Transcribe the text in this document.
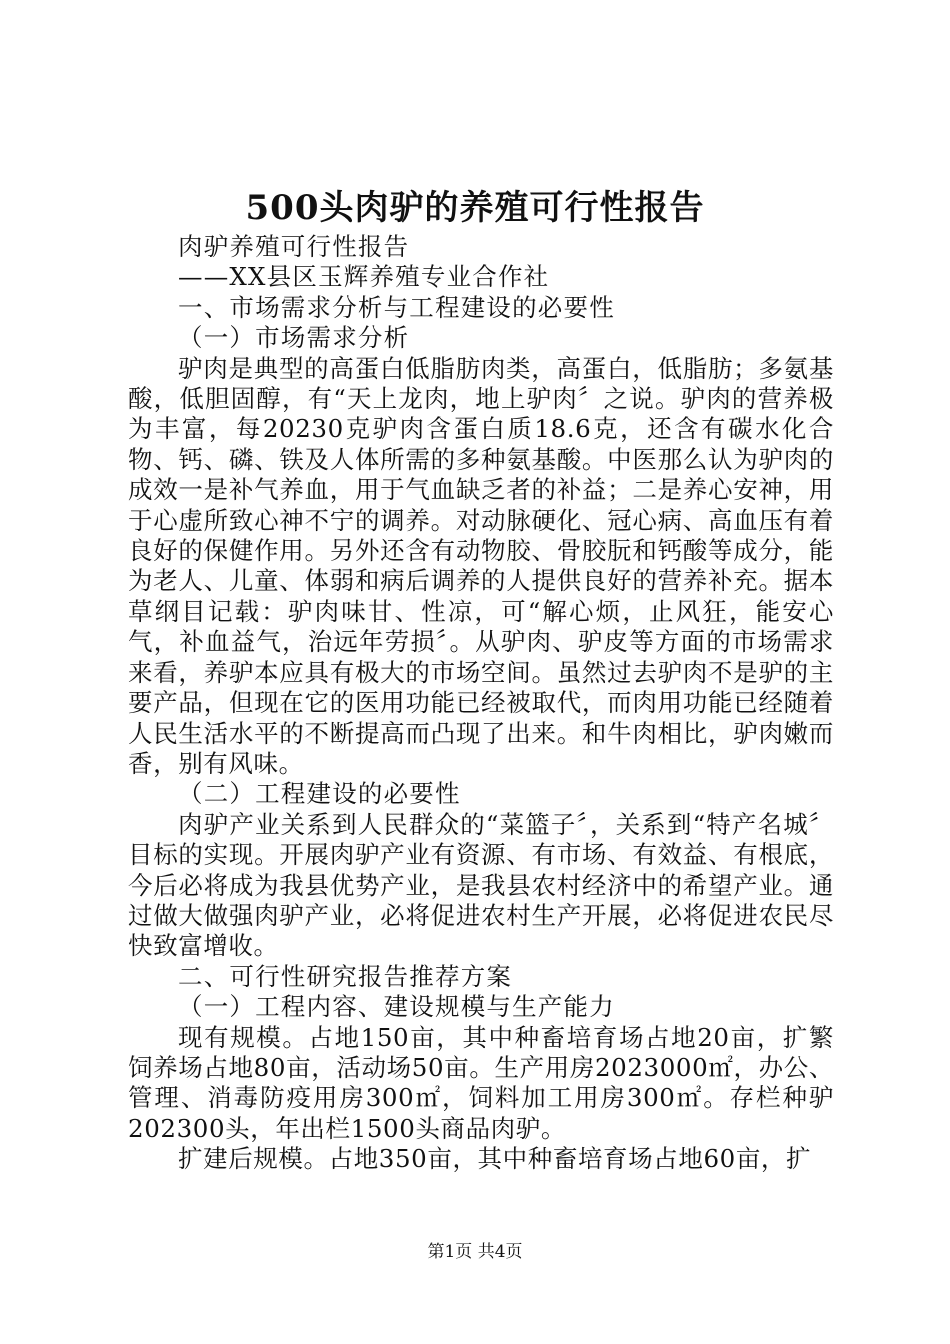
500头肉驴的养殖可行性报告

肉驴养殖可行性报告

——XX县区玉辉养殖专业合作社

一、市场需求分析与工程建设的必要性

（一）市场需求分析

驴肉是典型的高蛋白低脂肪肉类，高蛋白，低脂肪；多氨基酸，低胆固醇，有“天上龙肉，地上驴肉〞之说。驴肉的营养极为丰富，每20230克驴肉含蛋白质18.6克，还含有碳水化合物、钙、磷、铁及人体所需的多种氨基酸。中医那么认为驴肉的成效一是补气养血，用于气血缺乏者的补益；二是养心安神，用于心虚所致心神不宁的调养。对动脉硬化、冠心病、高血压有着良好的保健作用。另外还含有动物胶、骨胶朊和钙酸等成分，能为老人、儿童、体弱和病后调养的人提供良好的营养补充。据本草纲目记载：驴肉味甘、性凉，可“解心烦，止风狂，能安心气，补血益气，治远年劳损〞。从驴肉、驴皮等方面的市场需求来看，养驴本应具有极大的市场空间。虽然过去驴肉不是驴的主要产品，但现在它的医用功能已经被取代，而肉用功能已经随着人民生活水平的不断提高而凸现了出来。和牛肉相比，驴肉嫩而香，别有风味。

（二）工程建设的必要性

肉驴产业关系到人民群众的“菜篮子〞，关系到“特产名城〞目标的实现。开展肉驴产业有资源、有市场、有效益、有根底，今后必将成为我县优势产业，是我县农村经济中的希望产业。通过做大做强肉驴产业，必将促进农村生产开展，必将促进农民尽快致富增收。

二、可行性研究报告推荐方案

（一）工程内容、建设规模与生产能力

现有规模。占地150亩，其中种畜培育场占地20亩，扩繁饲养场占地80亩，活动场50亩。生产用房2023000㎡，办公、管理、消毒防疫用房300㎡，饲料加工用房300㎡。存栏种驴202300头，年出栏1500头商品肉驴。

扩建后规模。占地350亩，其中种畜培育场占地60亩，扩

第1页 共4页
